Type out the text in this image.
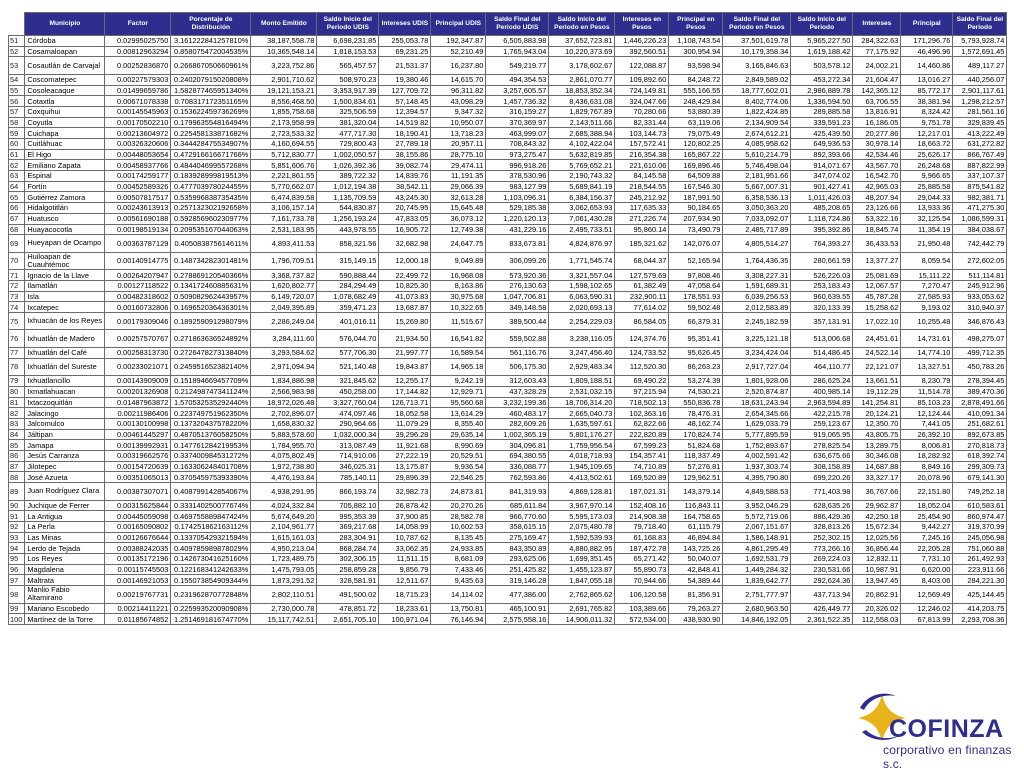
	Municipio	Factor	Porcentaje de Distribución	Monto Emitido	Saldo Inicio del Periodo UDIS	Intereses UDIS	Principal UDIS	Saldo Final del Periodo UDIS	Saldo Inicio del Periodo en Pesos	Intereses en Pesos	Principal en Pesos	Saldo Final del Periodo en Pesos	Saldo Inicio del Periodo	Intereses	Principal	Saldo Final del Periodo
51	Córdoba	0.02995025750	3.161222841257810%	38,187,558.78	6,698,231.85	255,053.78	192,347.87	6,505,883.98	37,652,723.81	1,446,226.23	1,108,743.54	37,501,619.78	5,965,227.50	284,322.63	171,296.76	5,793,928.74
52	Cosamaloapan	0.00812963294	0.858075472004535%	10,365,548.14	1,818,153.53	69,231.25	52,210.49	1,765,943.04	10,220,373.69	392,560.51	300,954.94	10,179,358.34	1,619,188.42	77,175.92	46,496.96	1,572,691.45
53	Cosautlán de Carvajal	0.00252836870	0.266867050660961%	3,223,752.86	565,457.57	21,531.37	16,237.80	549,219.77	3,178,602.67	122,088.87	93,598.94	3,165,846.63	503,578.12	24,002.21	14,460.86	489,117.27
54	Coscomatepec	0.00227579303	0.240207915020808%	2,901,710.62	508,970.23	19,380.46	14,615.70	494,354.53	2,861,070.77	109,892.60	84,248.72	2,849,589.02	453,272.34	21,604.47	13,016.27	440,256.07
55	Cosoleacaque	0.01499659786	1.582877465951340%	19,121,153.21	3,353,917.39	127,709.72	96,311.82	3,257,605.57	18,853,352.34	724,149.81	555,166.55	18,777,602.01	2,986,889.78	142,365.12	85,772.17	2,901,117.61
56	Cotaxtla	0.00671078338	0.708317172351165%	8,556,468.50	1,500,834.61	57,148.45	43,098.29	1,457,736.32	8,436,631.08	324,047.66	248,429.84	8,402,774.06	1,336,594.50	63,706.55	38,381.94	1,298,212.57
57	Coxquihui	0.00145545963	0.153622459736269%	1,855,758.68	325,506.59	12,394.57	9,347.32	316,159.27	1,829,767.89	70,280.66	53,880.39	1,822,424.85	289,885.58	13,816.91	8,324.42	281,561.16
58	Coyutla	0.00170502210	0.179963554816494%	2,173,958.99	381,320.04	14,519.82	10,950.07	370,369.97	2,143,511.66	82,331.44	63,119.06	2,134,909.54	339,591.23	16,186.05	9,751.78	329,839.45
59	Cuichapa	0.00213604972	0.225458133871682%	2,723,533.32	477,717.30	18,190.41	13,718.23	463,999.07	2,685,388.94	103,144.73	79,075.49	2,674,612.21	425,439.50	20,277.86	12,217.01	413,222.49
60	Cuitláhuac	0.00326320606	0.344428475534907%	4,160,694.55	729,800.43	27,789.18	20,957.11	708,843.32	4,102,422.04	157,572.41	120,802.25	4,085,958.62	649,936.53	30,978.14	18,663.72	631,272.82
61	El Higo	0.00448053654	0.472916616671766%	5,712,830.77	1,002,050.57	38,155.86	28,775.10	973,275.47	5,632,819.85	216,354.38	165,867.22	5,610,214.79	892,393.66	42,534.46	25,626.17	866,767.49
62	Emiliano Zapata	0.00458937766	0.484404699557268%	5,851,606.76	1,026,392.36	39,082.74	29,474.11	996,918.26	5,769,652.21	221,610.06	169,896.46	5,746,498.04	914,071.67	43,567.70	26,248.68	887,822.99
63	Espinal	0.00174259177	0.183928999819513%	2,221,861.55	389,722.32	14,839.76	11,191.35	378,530.96	2,190,743.32	84,145.58	64,509.88	2,181,951.66	347,074.02	16,542.70	9,966.65	337,107.37
64	Fortín	0.00452589326	0.477703978024455%	5,770,662.07	1,012,194.38	38,542.11	29,066.39	983,127.99	5,689,841.19	218,544.55	167,546.30	5,667,007.31	901,427.41	42,965.03	25,885.58	875,541.82
65	Gutiérrez Zamora	0.00507817517	0.535996838735435%	6,474,839.58	1,135,709.59	43,245.30	32,613.28	1,103,096.31	6,384,156.37	245,212.92	187,991.50	6,358,536.13	1,011,426.03	48,207.94	29,044.33	982,381.71
66	Hidalgotitlán	0.00243613913	0.257132302192658%	3,106,157.14	544,830.87	20,745.95	15,645.48	529,185.38	3,062,653.93	117,635.33	90,184.65	3,050,363.20	485,208.65	23,126.66	13,933.36	471,275.30
67	Huatusco	0.00561690188	0.592856960230977%	7,161,733.78	1,256,193.24	47,833.05	36,073.12	1,220,120.13	7,061,430.28	271,226.74	207,934.90	7,033,092.07	1,118,724.86	53,322.16	32,125.54	1,086,599.31
68	Huayacocotla	0.00198519134	0.209535167044063%	2,531,183.95	443,978.55	16,905.72	12,749.38	431,229.16	2,495,733.51	95,860.14	73,490.79	2,485,717.89	395,392.86	18,845.74	11,354.19	384,038.67
69	Hueyapan de Ocampo	0.00363787129	0.405083875614611%	4,893,411.53	858,321.56	32,682.98	24,647.75	833,673.81	4,824,876.97	185,321.62	142,076.07	4,805,514.27	764,393.27	36,433.53	21,950.48	742,442.79
70	Huiloapan de Cuauhtémoc	0.00140914775	0.148734282301481%	1,796,709.51	315,149.15	12,000.18	9,049.89	306,099.26	1,771,545.74	68,044.37	52,165.94	1,764,436.35	280,661.59	13,377.27	8,059.54	272,602.05
71	Ignacio de la Llave	0.00264207947	0.278869120540366%	3,368,737.82	590,888.44	22,499.72	16,968.08	573,920.36	3,321,557.04	127,579.69	97,808.46	3,308,227.31	526,226.03	25,081.69	15,111.22	511,114.81
72	Ilamatlán	0.00127118522	0.134172460885631%	1,620,802.77	284,294.49	10,825.30	8,163.86	276,130.63	1,598,102.65	61,382.49	47,058.64	1,591,689.31	253,183.43	12,067.57	7,270.47	245,912.96
73	Isla	0.00482318602	0.509082962443957%	6,149,720.07	1,078,682.49	41,073.83	30,975.68	1,047,706.81	6,063,590.31	232,900.11	178,551.93	6,039,256.53	960,639.55	45,787.28	27,585.93	933,053.62
74	Ixcatepec	0.00160732806	0.169652036436301%	2,049,395.89	359,471.23	13,687.87	10,322.65	349,148.58	2,020,693.13	77,614.02	59,502.48	2,012,583.89	320,133.39	15,258.62	9,193.02	310,940.37
75	Ixhuacán de los Reyes	0.00179309046	0.189259091298079%	2,286,249.04	401,016.11	15,269.80	11,515.67	389,500.44	2,254,229.03	86,584.05	66,379.31	2,245,182.59	357,131.91	17,022.10	10,255.48	346,876.43
76	Ixhuatlán de Madero	0.00257570767	0.271863636524892%	3,284,111.60	576,044.70	21,934.50	16,541.82	559,502.88	3,238,116.05	124,374.76	95,351.41	3,225,121.18	513,006.68	24,451.61	14,731.61	498,275.07
77	Ixhuatlán del Café	0.00258313730	0.272647827313840%	3,293,584.62	577,706.30	21,997.77	16,589.54	561,116.76	3,247,456.40	124,733.52	95,626.45	3,234,424.04	514,486.45	24,522.14	14,774.10	499,712.35
78	Ixhuatlán del Sureste	0.00233021071	0.245951652382140%	2,971,094.94	521,140.48	19,843.87	14,965.18	506,175.30	2,929,483.34	112,520.30	86,263.23	2,917,727.04	464,110.77	22,121.07	13,327.51	450,783.26
79	Ixhuatlancillo	0.00143909009	0.151894669457709%	1,834,886.98	321,845.62	12,255.17	9,242.19	312,603.43	1,809,188.51	69,490.22	53,274.39	1,801,928.06	286,625.24	13,661.51	8,230.79	278,394.45
80	Ixmatlahuacan	0.00201326908	0.212498747341124%	2,566,983.98	450,258.00	17,144.82	12,929.71	437,328.29	2,531,032.15	97,215.94	74,530.21	2,520,874.87	400,985.14	19,112.29	11,514.78	389,470.36
81	Ixtaczoquitlán	0.01487963872	1.570532535292440%	18,972,026.48	3,327,760.04	126,713.71	95,560.68	3,232,199.36	18,706,314.20	718,502.13	550,836.78	18,631,243.94	2,963,594.89	141,254.81	85,103.23	2,878,491.66
82	Jalacingo	0.00211986406	0.223749751962350%	2,702,896.07	474,097.46	18,052.58	13,614.29	460,483.17	2,665,040.73	102,363.16	78,476.31	2,654,345.66	422,215.78	20,124.21	12,124.44	410,091.34
83	Jalcomulco	0.00130100998	0.137320437578220%	1,658,830.32	290,964.66	11,079.29	8,355.40	282,609.26	1,635,597.61	62,822.66	48,162.74	1,629,033.79	259,123.67	12,350.70	7,441.05	251,682.61
84	Jáltipan	0.00461445297	0.487051376058250%	5,883,578.60	1,032,000.34	39,296.28	29,635.14	1,002,365.19	5,801,176.27	222,820.89	170,824.74	5,777,895.59	919,065.95	43,805.75	26,392.10	892,673.85
85	Jamapa	0.00139992931	0.147761284219953%	1,784,955.70	313,087.49	11,921.68	8,990.69	304,096.81	1,759,956.54	67,599.23	51,824.68	1,752,893.67	278,825.54	13,289.75	8,006.81	270,818.73
86	Jesús Carranza	0.00319662576	0.337400984531272%	4,075,802.49	714,910.06	27,222.19	20,529.51	694,380.55	4,018,718.93	154,357.41	118,337.49	4,002,591.42	636,675.66	30,346.08	18,282.92	618,392.74
87	Jilotepec	0.00154720639	0.163306248401708%	1,972,738.80	346,025.31	13,175.87	9,936.54	336,088.77	1,945,109.65	74,710.89	57,276.81	1,937,303.74	308,158.89	14,687.88	8,849.16	299,309.73
88	José Azueta	0.00351065013	0.370545975393390%	4,476,193.84	785,140.11	29,896.39	22,546.25	762,593.86	4,413,502.61	169,520.89	129,962.51	4,395,790.80	699,220.26	33,327.17	20,078.96	679,141.30
89	Juan Rodríguez Clara	0.00387307071	0.408799142854067%	4,938,291.95	866,193.74	32,982.73	24,873.81	841,319.93	4,869,128.81	187,021.31	143,379.14	4,849,588.53	771,403.98	36,767.66	22,151.80	749,252.18
90	Juchique de Ferrer	0.00315625844	0.333140250077674%	4,024,332.84	705,882.10	26,878.42	20,270.26	685,611.84	3,967,970.14	152,408.16	116,843.11	3,952,046.29	628,635.26	29,962.87	18,052.04	610,583.61
91	La Antigua	0.00445059098	0.469755889847424%	5,674,649.20	995,353.39	37,900.85	28,582.78	966,770.60	5,595,173.03	214,908.38	164,758.65	5,572,719.06	886,429.36	42,250.18	25,454.90	860,974.47
92	La Perla	0.00165090802	0.174251862163112%	2,104,961.77	369,217.68	14,058.99	10,602.53	358,615.15	2,075,480.78	79,718.40	61,115.79	2,067,151.67	328,813.26	15,672.34	9,442.27	319,370.99
93	Las Minas	0.00126676644	0.133705429321594%	1,615,161.03	283,304.91	10,787.62	8,135.45	275,169.47	1,592,539.93	61,168.83	46,894.84	1,586,148.91	252,302.15	12,025.56	7,245.16	245,056.98
94	Lerdo de Tejada	0.00388242035	0.409785989878029%	4,950,213.04	868,284.74	33,062.35	24,933.85	843,350.89	4,880,882.95	187,472.78	143,725.26	4,861,295.49	773,266.16	36,856.44	22,205.28	751,060.88
95	Los Reyes	0.00135172196	0.142673041625160%	1,723,489.75	302,306.15	11,511.15	8,681.09	293,625.06	1,699,351.45	65,271.42	50,040.07	1,692,531.79	269,224.03	12,832.11	7,731.10	261,492.93
96	Magdalena	0.00115745503	0.122168341242633%	1,475,793.05	258,859.28	9,856.79	7,433.46	251,425.82	1,455,123.87	55,890.73	42,848.41	1,449,284.32	230,531.66	10,987.91	6,620.00	223,911.66
97	Maltrata	0.00146921053	0.155073854909344%	1,873,291.52	328,581.91	12,511.67	9,435.63	319,146.28	1,847,055.18	70,944.66	54,389.44	1,839,642.77	292,624.36	13,947.45	8,403.06	284,221.30
98	Manlio Fabio Altamirano	0.00219767731	0.231962870772848%	2,802,110.51	491,500.02	18,715.23	14,114.02	477,386.00	2,762,865.62	106,120.58	81,356.91	2,751,777.97	437,713.94	20,862.91	12,569.49	425,144.45
99	Mariano Escobedo	0.00214411221	0.225993520090908%	2,730,000.78	478,851.72	18,233.61	13,750.81	465,100.91	2,691,765.82	103,389.66	79,263.27	2,680,963.50	426,449.77	20,326.02	12,246.02	414,203.75
100	Martínez de la Torre	0.01185674852	1.251469181674770%	15,117,742.51	2,651,705.10	100,971.04	76,146.94	2,575,558.16	14,906,011.32	572,534.00	438,930.90	14,846,192.05	2,361,522.35	112,558.03	67,813.99	2,293,708.36
COFINZA
corporativo en finanzas s.c.
